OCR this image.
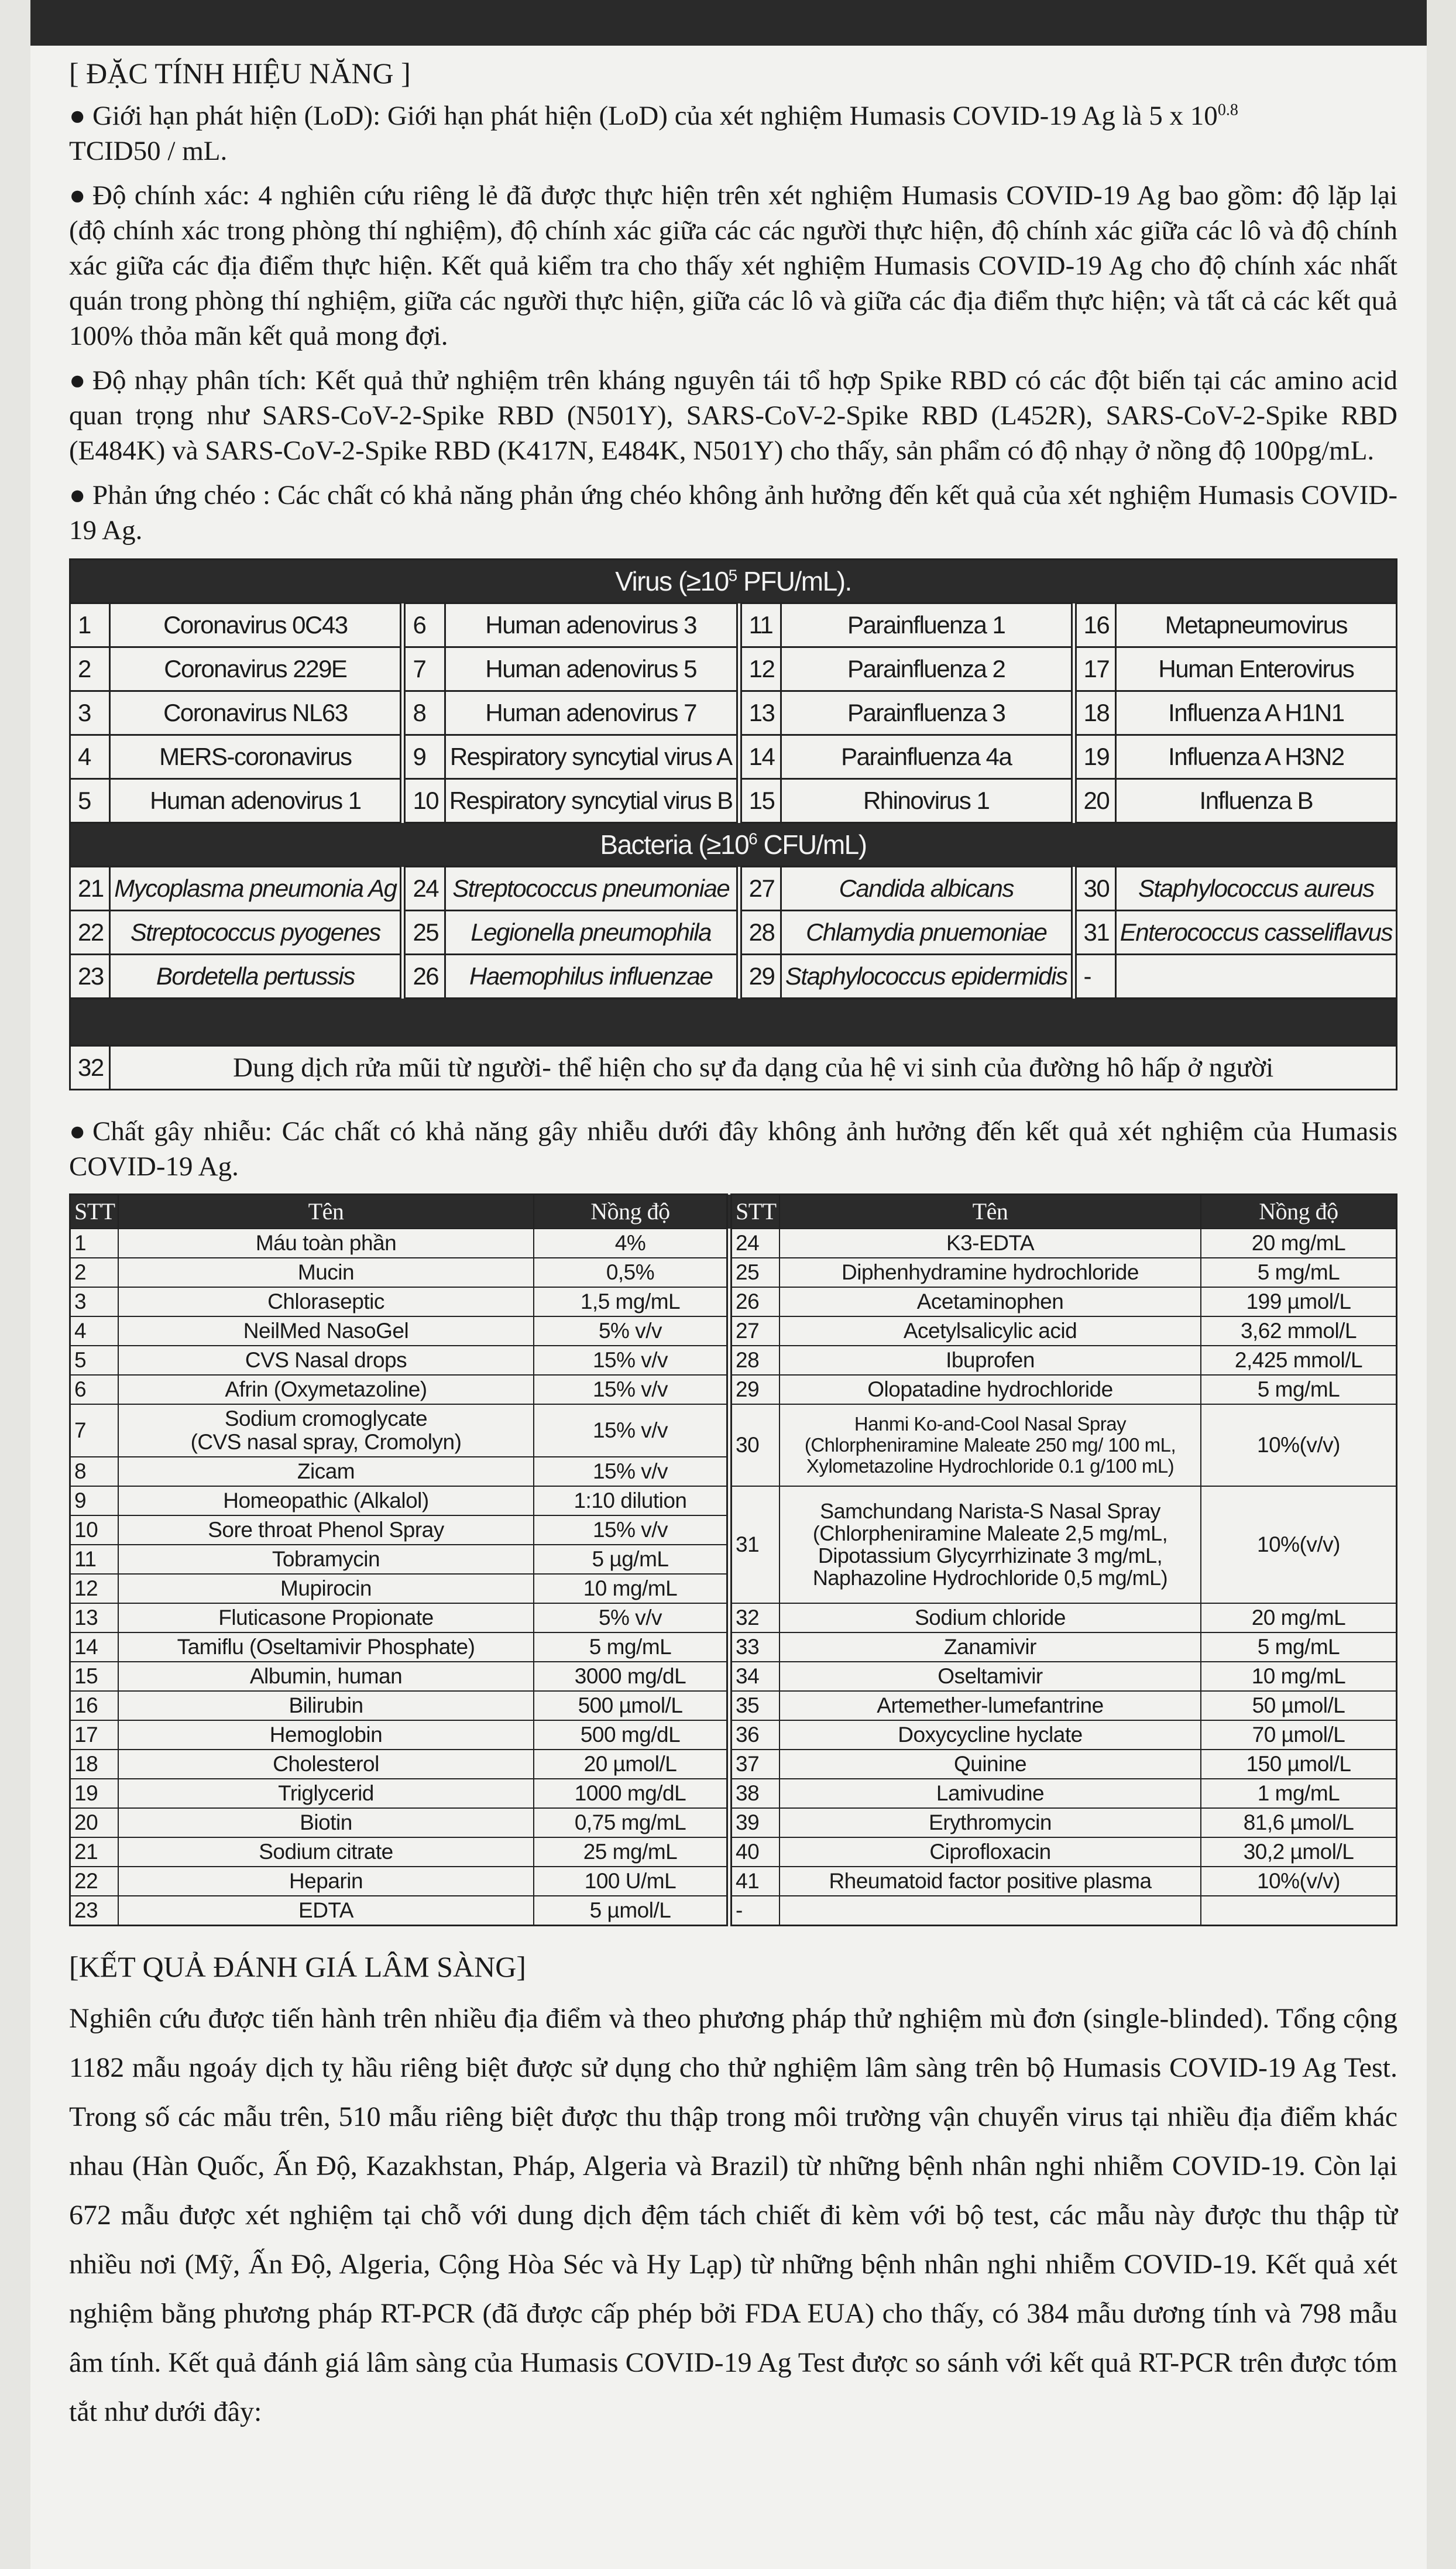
[ ĐẶC TÍNH HIỆU NĂNG ]

● Giới hạn phát hiện (LoD): Giới hạn phát hiện (LoD) của xét nghiệm Humasis COVID-19 Ag là 5 x $10^{0.8}$
TCID50 / mL.

● Độ chính xác: 4 nghiên cứu riêng lẻ đã được thực hiện trên xét nghiệm Humasis COVID-19 Ag bao gồm: độ lặp lại (độ chính xác trong phòng thí nghiệm), độ chính xác giữa các các người thực hiện, độ chính xác giữa các lô và độ chính xác giữa các địa điểm thực hiện. Kết quả kiểm tra cho thấy xét nghiệm Humasis COVID-19 Ag cho độ chính xác nhất quán trong phòng thí nghiệm, giữa các người thực hiện, giữa các lô và giữa các địa điểm thực hiện; và tất cả các kết quả 100% thỏa mãn kết quả mong đợi.

● Độ nhạy phân tích: Kết quả thử nghiệm trên kháng nguyên tái tổ hợp Spike RBD có các đột biến tại các amino acid quan trọng như SARS-CoV-2-Spike RBD (N501Y), SARS-CoV-2-Spike RBD (L452R), SARS-CoV-2-Spike RBD (E484K) và SARS-CoV-2-Spike RBD (K417N, E484K, N501Y) cho thấy, sản phẩm có độ nhạy ở nồng độ 100pg/mL.

● Phản ứng chéo : Các chất có khả năng phản ứng chéo không ảnh hưởng đến kết quả của xét nghiệm Humasis COVID-19 Ag.

Virus ($\ge 10^5$ PFU/mL).							
1	Coronavirus 0C43	6	Human adenovirus 3	11	Parainfluenza 1	16	Metapneumovirus
2	Coronavirus 229E	7	Human adenovirus 5	12	Parainfluenza 2	17	Human Enterovirus
3	Coronavirus NL63	8	Human adenovirus 7	13	Parainfluenza 3	18	Influenza A H1N1
4	MERS-coronavirus	9	Respiratory syncytial virus A	14	Parainfluenza 4a	19	Influenza A H3N2
5	Human adenovirus 1	10	Respiratory syncytial virus B	15	Rhinovirus 1	20	Influenza B
Bacteria ($\ge 10^6$ CFU/mL)							
21	Mycoplasma pneumonia Ag	24	Streptococcus pneumoniae	27	Candida albicans	30	Staphylococcus aureus
22	Streptococcus pyogenes	25	Legionella pneumophila	28	Chlamydia pnuemoniae	31	Enterococcus casseliflavus
23	Bordetella pertussis	26	Haemophilus influenzae	29	Staphylococcus epidermidis	-	

32	Dung dịch rửa mũi từ người- thể hiện cho sự đa dạng của hệ vi sinh của đường hô hấp ở người						

● Chất gây nhiễu: Các chất có khả năng gây nhiễu dưới đây không ảnh hưởng đến kết quả xét nghiệm của Humasis COVID-19 Ag.

STT	Tên	Nồng độ	STT	Tên	Nồng độ
1	Máu toàn phần	4%	24	K3-EDTA	20 mg/mL
2	Mucin	0,5%	25	Diphenhydramine hydrochloride	5 mg/mL
3	Chloraseptic	1,5 mg/mL	26	Acetaminophen	199 µmol/L
4	NeilMed NasoGel	5% v/v	27	Acetylsalicylic acid	3,62 mmol/L
5	CVS Nasal drops	15% v/v	28	Ibuprofen	2,425 mmol/L
6	Afrin (Oxymetazoline)	15% v/v	29	Olopatadine hydrochloride	5 mg/mL
7	Sodium cromoglycate
(CVS nasal spray, Cromolyn)	15% v/v	30	Hanmi Ko-and-Cool Nasal Spray
(Chlorpheniramine Maleate 250 mg/ 100 mL,
Xylometazoline Hydrochloride 0.1 g/100 mL)	10%(v/v)
8	Zicam	15% v/v			
9	Homeopathic (Alkalol)	1:10 dilution	31	Samchundang Narista-S Nasal Spray
(Chlorpheniramine Maleate 2,5 mg/mL,
Dipotassium Glycyrrhizinate 3 mg/mL,
Naphazoline Hydrochloride 0,5 mg/mL)	10%(v/v)
10	Sore throat Phenol Spray	15% v/v			
11	Tobramycin	5 µg/mL			
12	Mupirocin	10 mg/mL			
13	Fluticasone Propionate	5% v/v	32	Sodium chloride	20 mg/mL
14	Tamiflu (Oseltamivir Phosphate)	5 mg/mL	33	Zanamivir	5 mg/mL
15	Albumin, human	3000 mg/dL	34	Oseltamivir	10 mg/mL
16	Bilirubin	500 µmol/L	35	Artemether-lumefantrine	50 µmol/L
17	Hemoglobin	500 mg/dL	36	Doxycycline hyclate	70 µmol/L
18	Cholesterol	20 µmol/L	37	Quinine	150 µmol/L
19	Triglycerid	1000 mg/dL	38	Lamivudine	1 mg/mL
20	Biotin	0,75 mg/mL	39	Erythromycin	81,6 µmol/L
21	Sodium citrate	25 mg/mL	40	Ciprofloxacin	30,2 µmol/L
22	Heparin	100 U/mL	41	Rheumatoid factor positive plasma	10%(v/v)
23	EDTA	5 µmol/L	-		
[KẾT QUẢ ĐÁNH GIÁ LÂM SÀNG]

Nghiên cứu được tiến hành trên nhiều địa điểm và theo phương pháp thử nghiệm mù đơn (single-blinded). Tổng cộng 1182 mẫu ngoáy dịch tỵ hầu riêng biệt được sử dụng cho thử nghiệm lâm sàng trên bộ Humasis COVID-19 Ag Test. Trong số các mẫu trên, 510 mẫu riêng biệt được thu thập trong môi trường vận chuyển virus tại nhiều địa điểm khác nhau (Hàn Quốc, Ấn Độ, Kazakhstan, Pháp, Algeria và Brazil) từ những bệnh nhân nghi nhiễm COVID-19. Còn lại 672 mẫu được xét nghiệm tại chỗ với dung dịch đệm tách chiết đi kèm với bộ test, các mẫu này được thu thập từ nhiều nơi (Mỹ, Ấn Độ, Algeria, Cộng Hòa Séc và Hy Lạp) từ những bệnh nhân nghi nhiễm COVID-19. Kết quả xét nghiệm bằng phương pháp RT-PCR (đã được cấp phép bởi FDA EUA) cho thấy, có 384 mẫu dương tính và 798 mẫu âm tính. Kết quả đánh giá lâm sàng của Humasis COVID-19 Ag Test được so sánh với kết quả RT-PCR trên được tóm tắt như dưới đây:
